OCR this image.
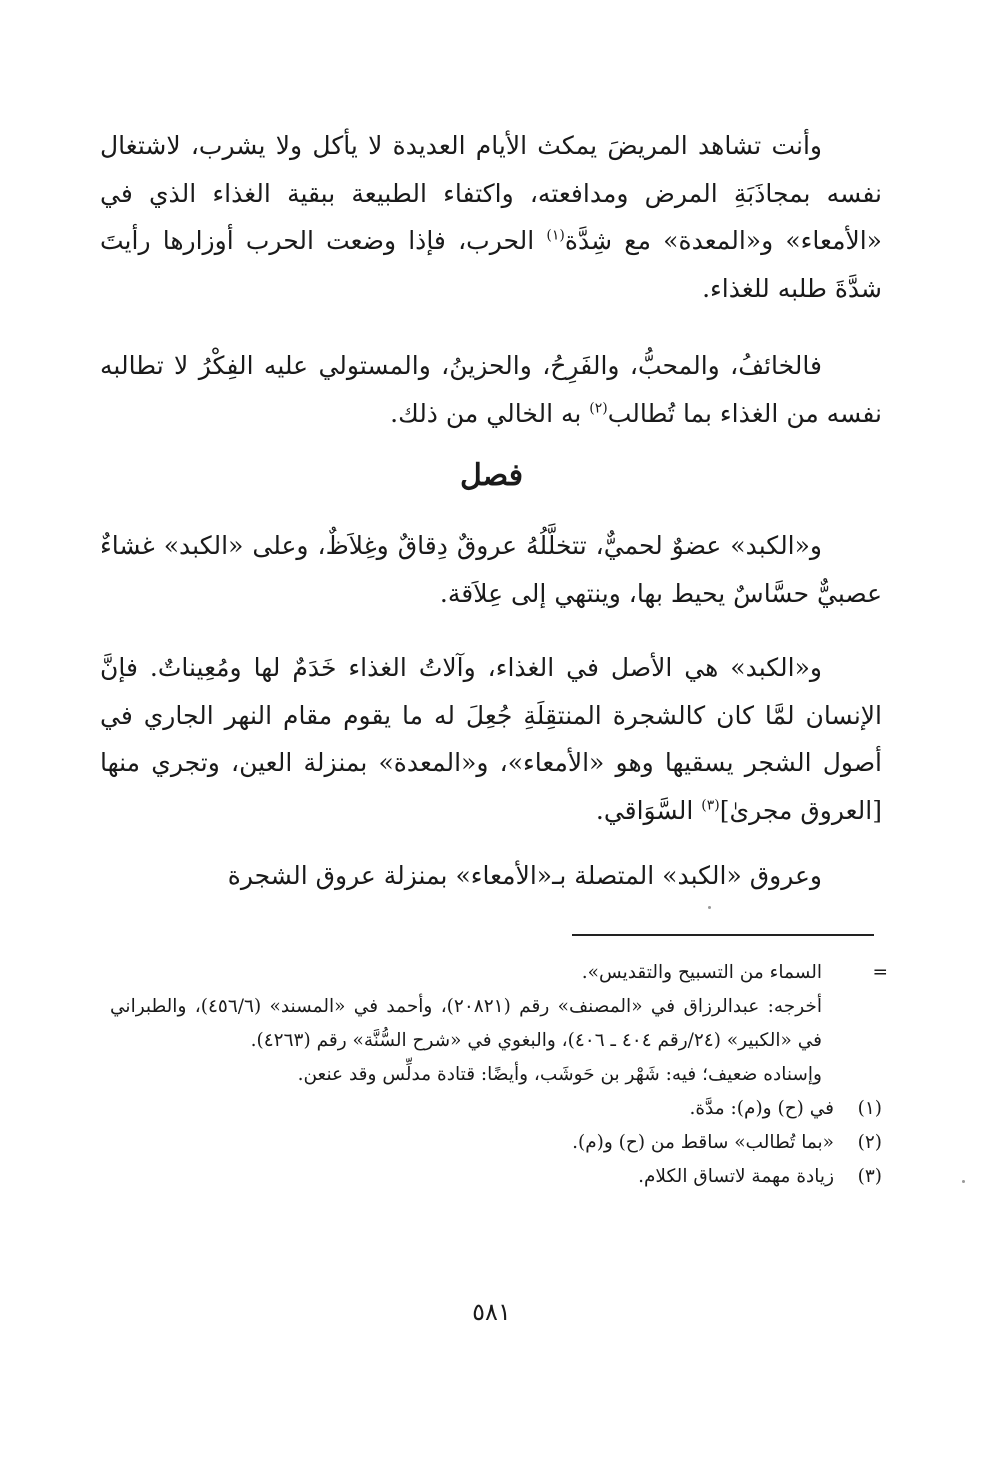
وأنت تشاهد المريضَ يمكث الأيام العديدة لا يأكل ولا يشرب، لاشتغال نفسه بمجاذَبَةِ المرض ومدافعته، واكتفاء الطبيعة ببقية الغذاء الذي في «الأمعاء» و«المعدة» مع شِدَّة$^{(١)}$ الحرب، فإذا وضعت الحرب أوزارها رأيتَ شدَّةَ طلبه للغذاء.

فالخائفُ، والمحبُّ، والفَرِحُ، والحزينُ، والمستولي عليه الفِكْرُ لا تطالبه نفسه من الغذاء بما تُطالب$^{(٢)}$ به الخالي من ذلك.

فصل

و«الكبد» عضوٌ لحميٌّ، تتخلَّلُهُ عروقٌ دِقاقٌ وغِلاَظٌ، وعلى «الكبد» غشاءٌ عصبيٌّ حسَّاسٌ يحيط بها، وينتهي إلى عِلاَقة.

و«الكبد» هي الأصل في الغذاء، وآلاتُ الغذاء خَدَمٌ لها ومُعِيناتٌ. فإنَّ الإنسان لمَّا كان كالشجرة المنتقِلَةِ جُعِلَ له ما يقوم مقام النهر الجاري في أصول الشجر يسقيها وهو «الأمعاء»، و«المعدة» بمنزلة العين، وتجري منها [العروق مجرىٰ]$^{(٣)}$ السَّوَاقي.

وعروق «الكبد» المتصلة بـ«الأمعاء» بمنزلة عروق الشجرة

=
السماء من التسبيح والتقديس».

أخرجه: عبدالرزاق في «المصنف» رقم (٢٠٨٢١)، وأحمد في «المسند» (٤٥٦/٦)، والطبراني في «الكبير» (٢٤/رقم ٤٠٤ ـ ٤٠٦)، والبغوي في «شرح السُّنَّة» رقم (٤٢٦٣).

وإسناده ضعيف؛ فيه: شَهْر بن حَوشَب، وأيضًا: قتادة مدلِّس وقد عنعن.

(١)في (ح) و(م): مدَّة.

(٢)«بما تُطالب» ساقط من (ح) و(م).

(٣)زيادة مهمة لاتساق الكلام.

٥٨١
